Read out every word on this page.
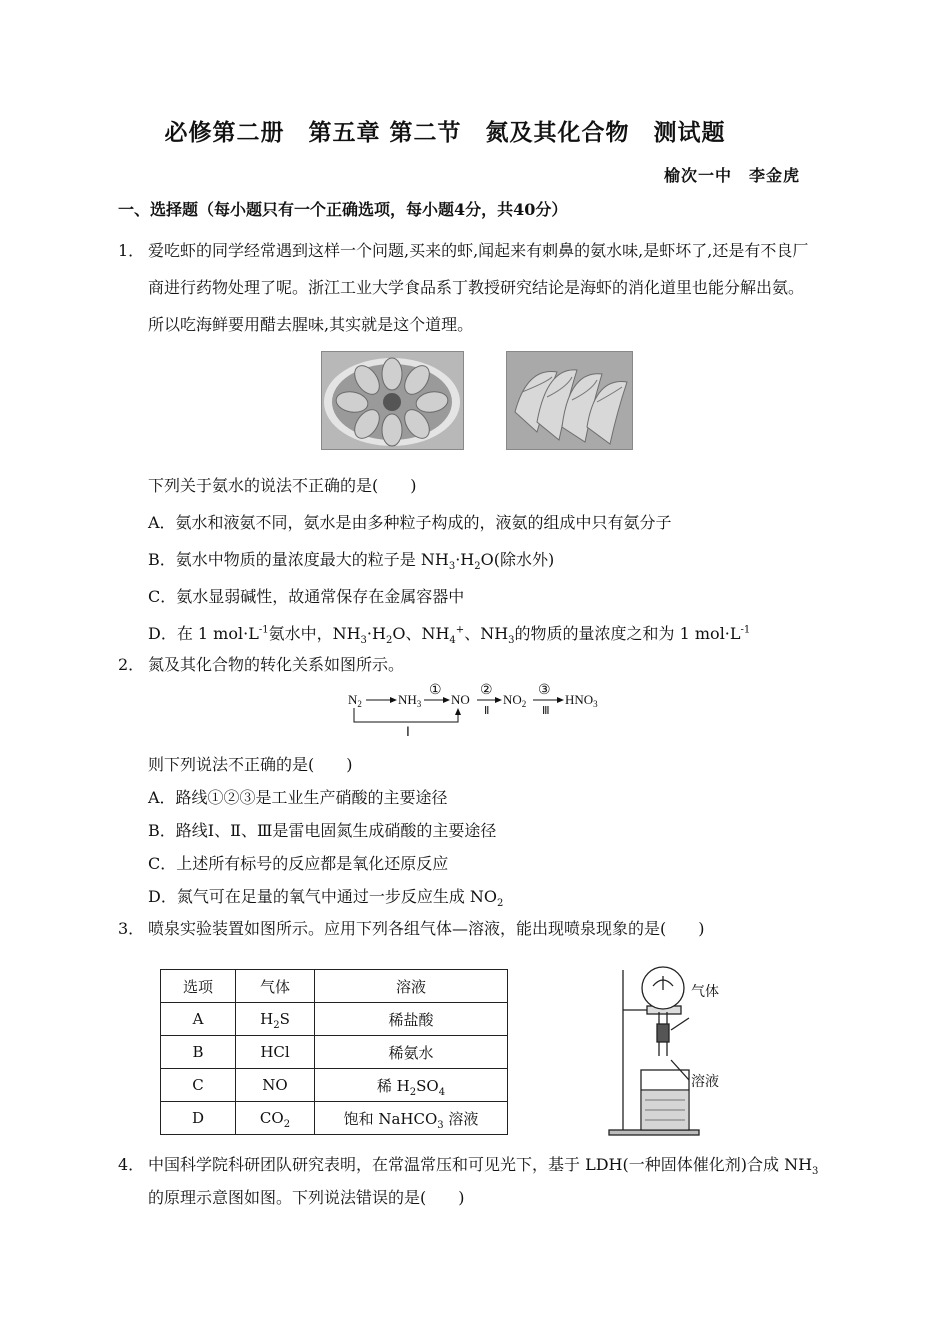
必修第二册　第五章 第二节　氮及其化合物　测试题
榆次一中　李金虎
一、选择题（每小题只有一个正确选项，每小题4分，共40分）
1． 爱吃虾的同学经常遇到这样一个问题,买来的虾,闻起来有刺鼻的氨水味,是虾坏了,还是有不良厂
商进行药物处理了呢。浙江工业大学食品系丁教授研究结论是海虾的消化道里也能分解出氨。
所以吃海鲜要用醋去腥味,其实就是这个道理。
下列关于氨水的说法不正确的是(　　)
A．氨水和液氨不同，氨水是由多种粒子构成的，液氨的组成中只有氨分子
B．氨水中物质的量浓度最大的粒子是 $NH_3\cdot H_2O$(除水外)
C．氨水显弱碱性，故通常保存在金属容器中
D．在 1 $mol\cdot L^{-1}$氨水中，$NH_3\cdot H_2O$、$NH_4^+$、$NH_3$的物质的量浓度之和为 1 $mol\cdot L^{-1}$
2． 氮及其化合物的转化关系如图所示。
$N_2$	$NH_3$ NO	$NO_2$	$HNO_3$
①	②	③
Ⅱ	Ⅲ
Ⅰ
则下列说法不正确的是(　　)
A．路线①②③是工业生产硝酸的主要途径
B．路线Ⅰ、Ⅱ、Ⅲ是雷电固氮生成硝酸的主要途径
C．上述所有标号的反应都是氧化还原反应
D．氮气可在足量的氧气中通过一步反应生成 $NO_2$
3． 喷泉实验装置如图所示。应用下列各组气体—溶液，能出现喷泉现象的是(　　)
选项	气体	溶液
A	$H_2S$	稀盐酸
B	HCl	稀氨水
C	NO	稀 $H_2SO_4$
D	$CO_2$	饱和 NaHCO$_3$ 溶液
气体
溶液
4． 中国科学院科研团队研究表明，在常温常压和可见光下，基于 LDH(一种固体催化剂)合成 $NH_3$
的原理示意图如图。下列说法错误的是(　　)
